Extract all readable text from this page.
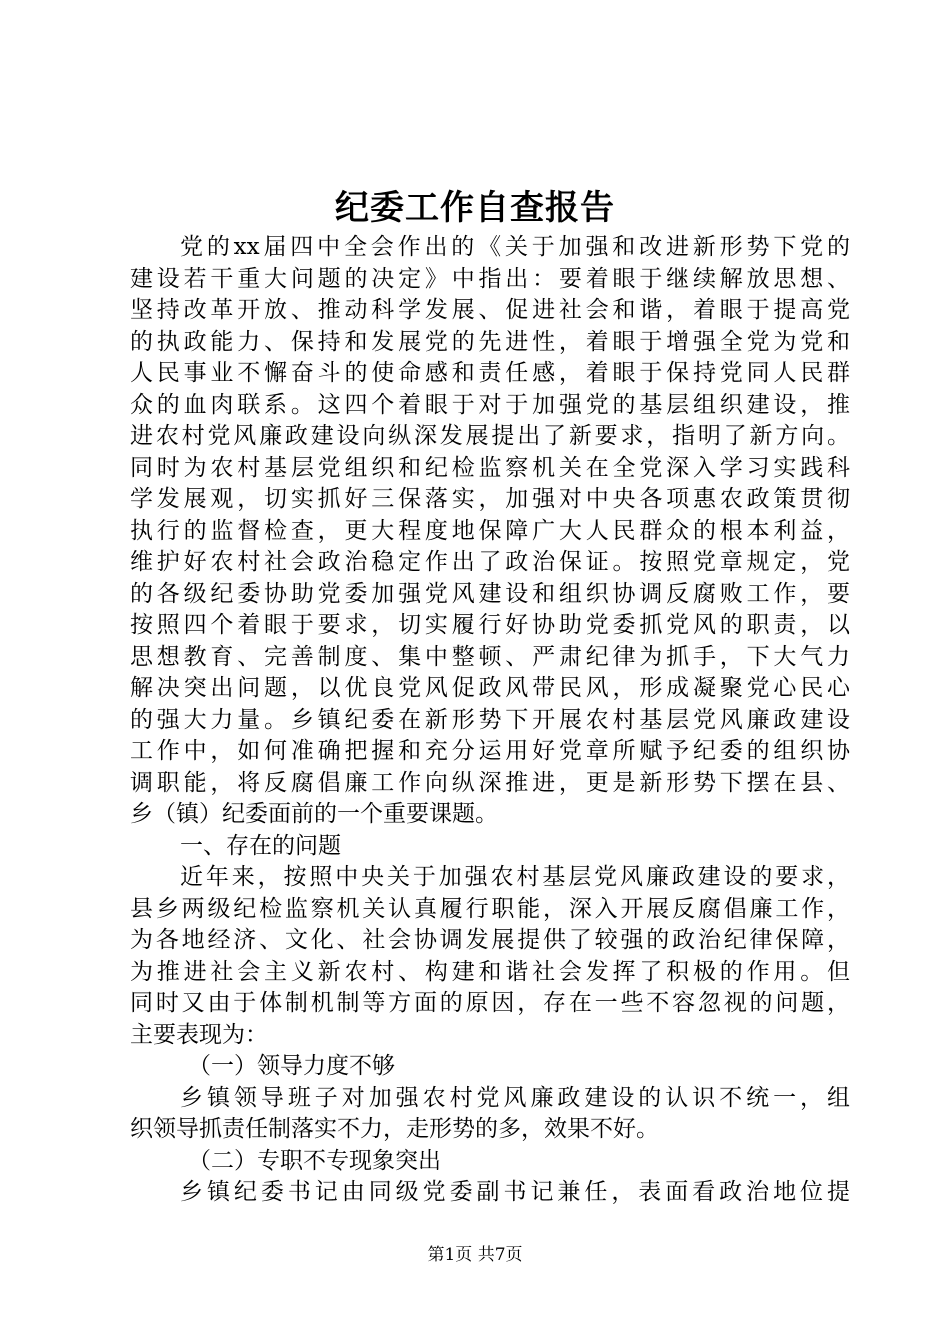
纪委工作自查报告
党的xx届四中全会作出的《关于加强和改进新形势下党的
建设若干重大问题的决定》中指出：要着眼于继续解放思想、
坚持改革开放、推动科学发展、促进社会和谐，着眼于提高党
的执政能力、保持和发展党的先进性，着眼于增强全党为党和
人民事业不懈奋斗的使命感和责任感，着眼于保持党同人民群
众的血肉联系。这四个着眼于对于加强党的基层组织建设，推
进农村党风廉政建设向纵深发展提出了新要求，指明了新方向。
同时为农村基层党组织和纪检监察机关在全党深入学习实践科
学发展观，切实抓好三保落实，加强对中央各项惠农政策贯彻
执行的监督检查，更大程度地保障广大人民群众的根本利益，
维护好农村社会政治稳定作出了政治保证。按照党章规定，党
的各级纪委协助党委加强党风建设和组织协调反腐败工作，要
按照四个着眼于要求，切实履行好协助党委抓党风的职责，以
思想教育、完善制度、集中整顿、严肃纪律为抓手，下大气力
解决突出问题，以优良党风促政风带民风，形成凝聚党心民心
的强大力量。乡镇纪委在新形势下开展农村基层党风廉政建设
工作中，如何准确把握和充分运用好党章所赋予纪委的组织协
调职能，将反腐倡廉工作向纵深推进，更是新形势下摆在县、
乡（镇）纪委面前的一个重要课题。
一、存在的问题
近年来，按照中央关于加强农村基层党风廉政建设的要求，
县乡两级纪检监察机关认真履行职能，深入开展反腐倡廉工作，
为各地经济、文化、社会协调发展提供了较强的政治纪律保障，
为推进社会主义新农村、构建和谐社会发挥了积极的作用。但
同时又由于体制机制等方面的原因，存在一些不容忽视的问题，
主要表现为：
（一）领导力度不够
乡镇领导班子对加强农村党风廉政建设的认识不统一，组
织领导抓责任制落实不力，走形势的多，效果不好。
（二）专职不专现象突出
乡镇纪委书记由同级党委副书记兼任，表面看政治地位提
第1页 共7页
